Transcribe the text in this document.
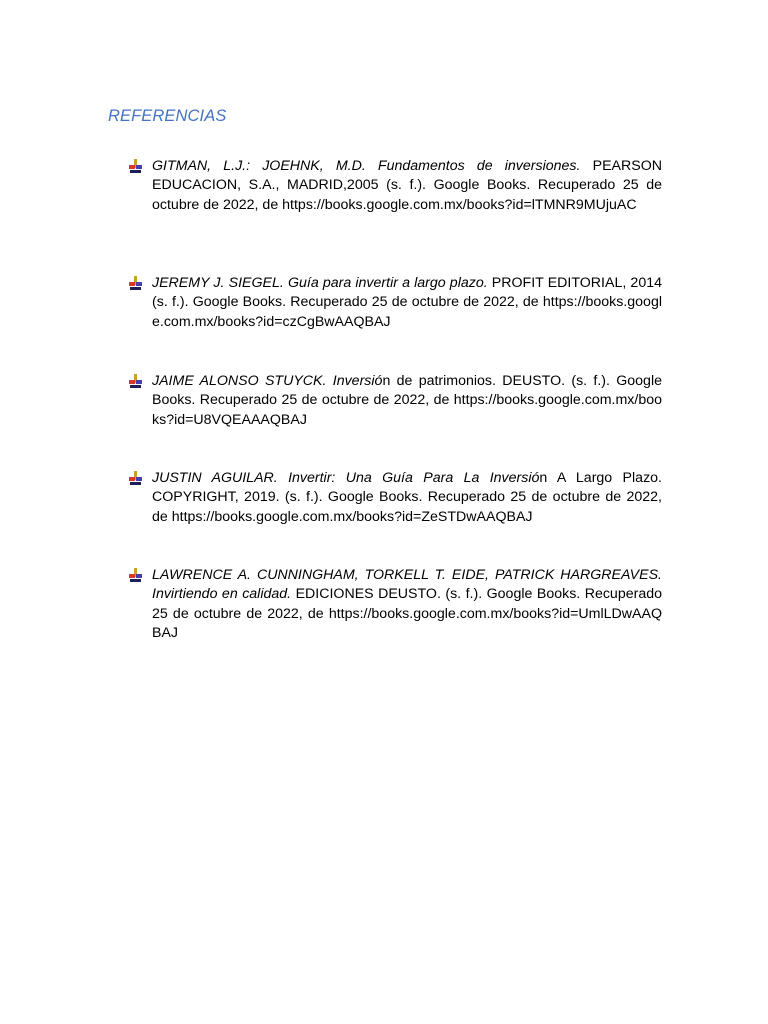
REFERENCIAS
GITMAN, L.J.: JOEHNK, M.D. Fundamentos de inversiones. PEARSON EDUCACION, S.A., MADRID,2005 (s. f.). Google Books. Recuperado 25 de octubre de 2022, de https://books.google.com.mx/books?id=lTMNR9MUjuAC
JEREMY J. SIEGEL. Guía para invertir a largo plazo. PROFIT EDITORIAL, 2014 (s. f.). Google Books. Recuperado 25 de octubre de 2022, de https://books.google.com.mx/books?id=czCgBwAAQBAJ
JAIME ALONSO STUYCK. Inversión de patrimonios. DEUSTO. (s. f.). Google Books. Recuperado 25 de octubre de 2022, de https://books.google.com.mx/books?id=U8VQEAAAQBAJ
JUSTIN AGUILAR. Invertir: Una Guía Para La Inversión A Largo Plazo. COPYRIGHT, 2019. (s. f.). Google Books. Recuperado 25 de octubre de 2022, de https://books.google.com.mx/books?id=ZeSTDwAAQBAJ
LAWRENCE A. CUNNINGHAM, TORKELL T. EIDE, PATRICK HARGREAVES. Invirtiendo en calidad. EDICIONES DEUSTO. (s. f.). Google Books. Recuperado 25 de octubre de 2022, de https://books.google.com.mx/books?id=UmlLDwAAQBAJ
